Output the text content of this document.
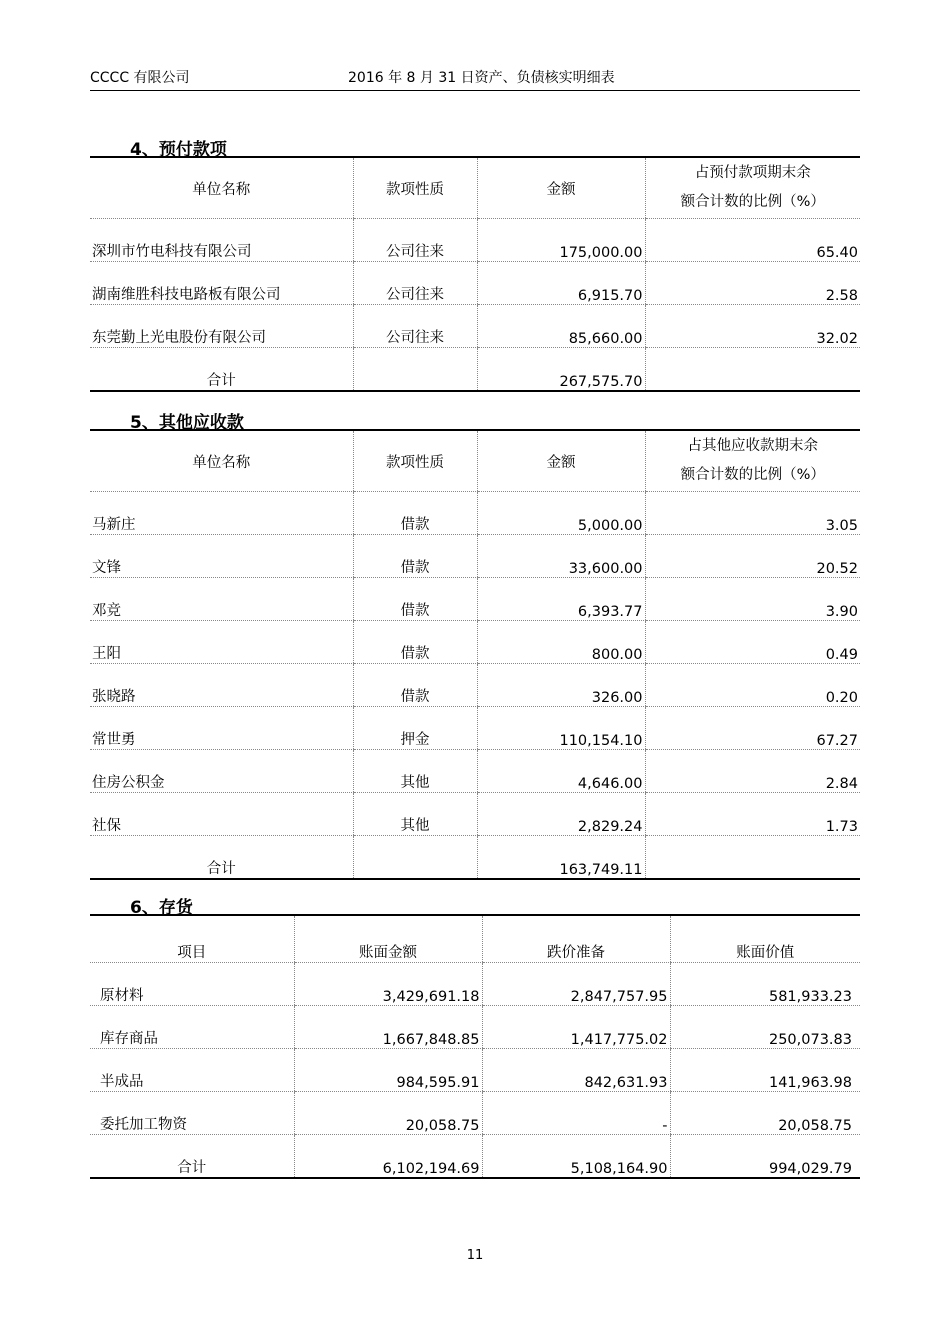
CCCC 有限公司	2016 年 8 月 31 日资产、负债核实明细表
4、预付款项
单位名称	款项性质	金额	占预付款项期末余
额合计数的比例（%）

深圳市竹电科技有限公司	公司往来	175,000.00	65.40
湖南维胜科技电路板有限公司	公司往来	6,915.70	2.58
东莞勤上光电股份有限公司	公司往来	85,660.00	32.02
合计		267,575.70	
5、其他应收款
单位名称	款项性质	金额	占其他应收款期末余
额合计数的比例（%）

马新庄	借款	5,000.00	3.05
文锋	借款	33,600.00	20.52
邓竞	借款	6,393.77	3.90
王阳	借款	800.00	0.49
张晓路	借款	326.00	0.20
常世勇	押金	110,154.10	67.27
住房公积金	其他	4,646.00	2.84
社保	其他	2,829.24	1.73
合计		163,749.11	
6、存货
项目	账面金额	跌价准备	账面价值
原材料	3,429,691.18	2,847,757.95	581,933.23
库存商品	1,667,848.85	1,417,775.02	250,073.83
半成品	984,595.91	842,631.93	141,963.98
委托加工物资	20,058.75	-	20,058.75
合计	6,102,194.69	5,108,164.90	994,029.79
11
